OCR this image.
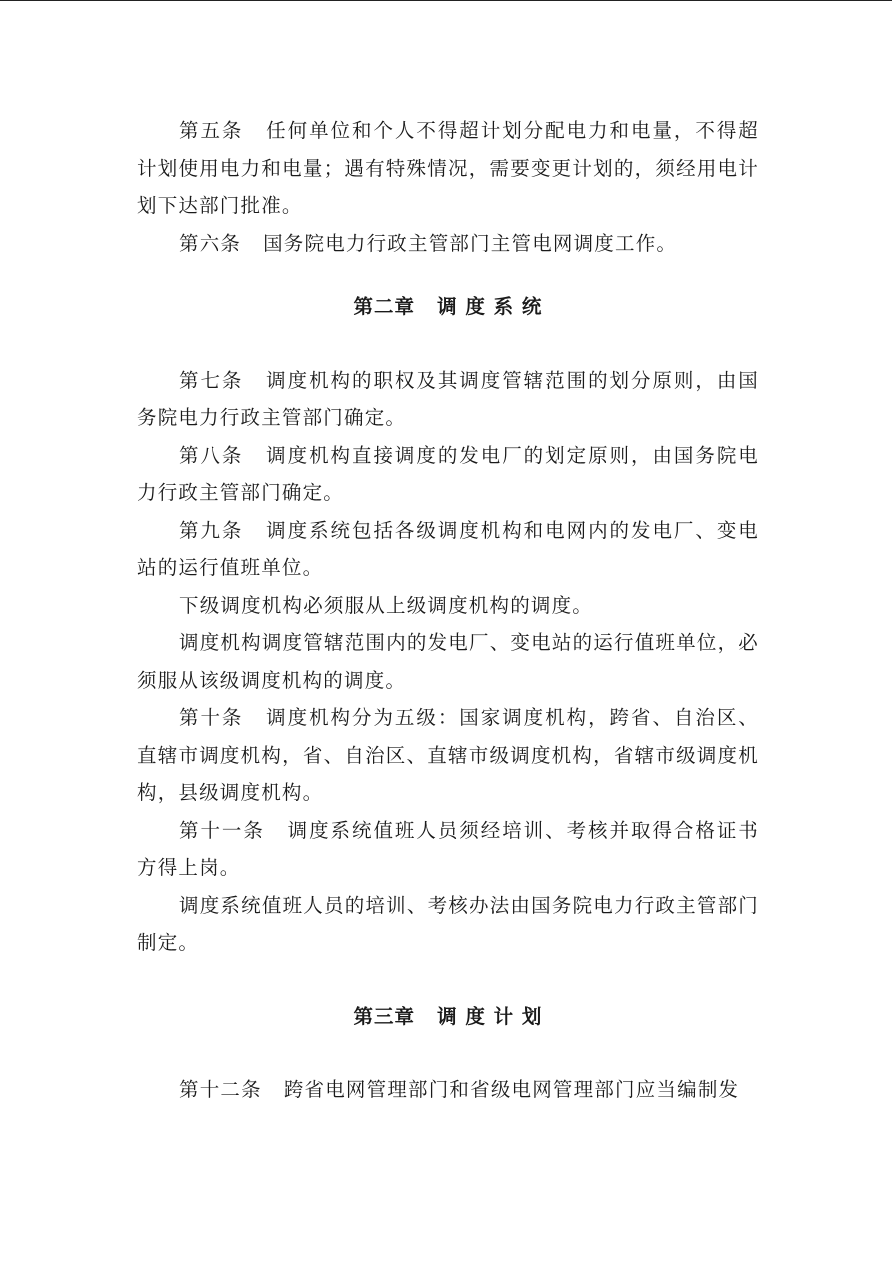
第五条 任何单位和个人不得超计划分配电力和电量，不得超计划使用电力和电量；遇有特殊情况，需要变更计划的，须经用电计划下达部门批准。

第六条 国务院电力行政主管部门主管电网调度工作。

第二章 调 度 系 统

第七条 调度机构的职权及其调度管辖范围的划分原则，由国务院电力行政主管部门确定。

第八条 调度机构直接调度的发电厂的划定原则，由国务院电力行政主管部门确定。

第九条 调度系统包括各级调度机构和电网内的发电厂、变电站的运行值班单位。

下级调度机构必须服从上级调度机构的调度。

调度机构调度管辖范围内的发电厂、变电站的运行值班单位，必须服从该级调度机构的调度。

第十条 调度机构分为五级：国家调度机构，跨省、自治区、直辖市调度机构，省、自治区、直辖市级调度机构，省辖市级调度机构，县级调度机构。

第十一条 调度系统值班人员须经培训、考核并取得合格证书方得上岗。

调度系统值班人员的培训、考核办法由国务院电力行政主管部门制定。

第三章 调 度 计 划

第十二条 跨省电网管理部门和省级电网管理部门应当编制发
